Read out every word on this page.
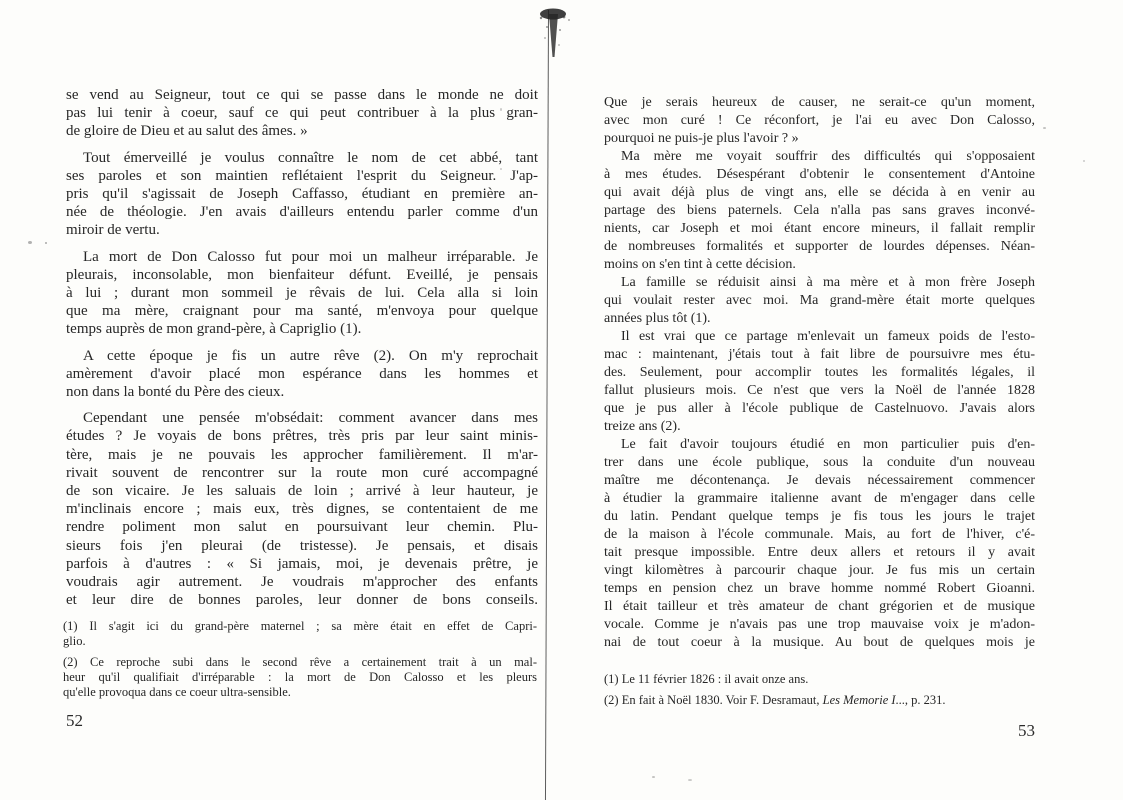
se vend au Seigneur, tout ce qui se passe dans le monde ne doit
pas lui tenir à coeur, sauf ce qui peut contribuer à la plus gran-
de gloire de Dieu et au salut des âmes. »
Tout émerveillé je voulus connaître le nom de cet abbé, tant
ses paroles et son maintien reflétaient l'esprit du Seigneur. J'ap-
pris qu'il s'agissait de Joseph Caffasso, étudiant en première an-
née de théologie. J'en avais d'ailleurs entendu parler comme d'un
miroir de vertu.
La mort de Don Calosso fut pour moi un malheur irréparable. Je
pleurais, inconsolable, mon bienfaiteur défunt. Eveillé, je pensais
à lui ; durant mon sommeil je rêvais de lui. Cela alla si loin
que ma mère, craignant pour ma santé, m'envoya pour quelque
temps auprès de mon grand-père, à Capriglio (1).
A cette époque je fis un autre rêve (2). On m'y reprochait
amèrement d'avoir placé mon espérance dans les hommes et
non dans la bonté du Père des cieux.
Cependant une pensée m'obsédait: comment avancer dans mes
études ? Je voyais de bons prêtres, très pris par leur saint minis-
tère, mais je ne pouvais les approcher familièrement. Il m'ar-
rivait souvent de rencontrer sur la route mon curé accompagné
de son vicaire. Je les saluais de loin ; arrivé à leur hauteur, je
m'inclinais encore ; mais eux, très dignes, se contentaient de me
rendre poliment mon salut en poursuivant leur chemin. Plu-
sieurs fois j'en pleurai (de tristesse). Je pensais, et disais
parfois à d'autres : « Si jamais, moi, je devenais prêtre, je
voudrais agir autrement. Je voudrais m'approcher des enfants
et leur dire de bonnes paroles, leur donner de bons conseils.
(1) Il s'agit ici du grand-père maternel ; sa mère était en effet de Capri-
glio.
(2) Ce reproche subi dans le second rêve a certainement trait à un mal-
heur qu'il qualifiait d'irréparable : la mort de Don Calosso et les pleurs
qu'elle provoqua dans ce coeur ultra-sensible.
52
Que je serais heureux de causer, ne serait-ce qu'un moment,
avec mon curé ! Ce réconfort, je l'ai eu avec Don Calosso,
pourquoi ne puis-je plus l'avoir ? »
Ma mère me voyait souffrir des difficultés qui s'opposaient
à mes études. Désespérant d'obtenir le consentement d'Antoine
qui avait déjà plus de vingt ans, elle se décida à en venir au
partage des biens paternels. Cela n'alla pas sans graves inconvé-
nients, car Joseph et moi étant encore mineurs, il fallait remplir
de nombreuses formalités et supporter de lourdes dépenses. Néan-
moins on s'en tint à cette décision.
La famille se réduisit ainsi à ma mère et à mon frère Joseph
qui voulait rester avec moi. Ma grand-mère était morte quelques
années plus tôt (1).
Il est vrai que ce partage m'enlevait un fameux poids de l'esto-
mac : maintenant, j'étais tout à fait libre de poursuivre mes étu-
des. Seulement, pour accomplir toutes les formalités légales, il
fallut plusieurs mois. Ce n'est que vers la Noël de l'année 1828
que je pus aller à l'école publique de Castelnuovo. J'avais alors
treize ans (2).
Le fait d'avoir toujours étudié en mon particulier puis d'en-
trer dans une école publique, sous la conduite d'un nouveau
maître me décontenança. Je devais nécessairement commencer
à étudier la grammaire italienne avant de m'engager dans celle
du latin. Pendant quelque temps je fis tous les jours le trajet
de la maison à l'école communale. Mais, au fort de l'hiver, c'é-
tait presque impossible. Entre deux allers et retours il y avait
vingt kilomètres à parcourir chaque jour. Je fus mis un certain
temps en pension chez un brave homme nommé Robert Gioanni.
Il était tailleur et très amateur de chant grégorien et de musique
vocale. Comme je n'avais pas une trop mauvaise voix je m'adon-
nai de tout coeur à la musique. Au bout de quelques mois je
(1) Le 11 février 1826 : il avait onze ans.
(2) En fait à Noël 1830. Voir F. Desramaut, Les Memorie I..., p. 231.
53
